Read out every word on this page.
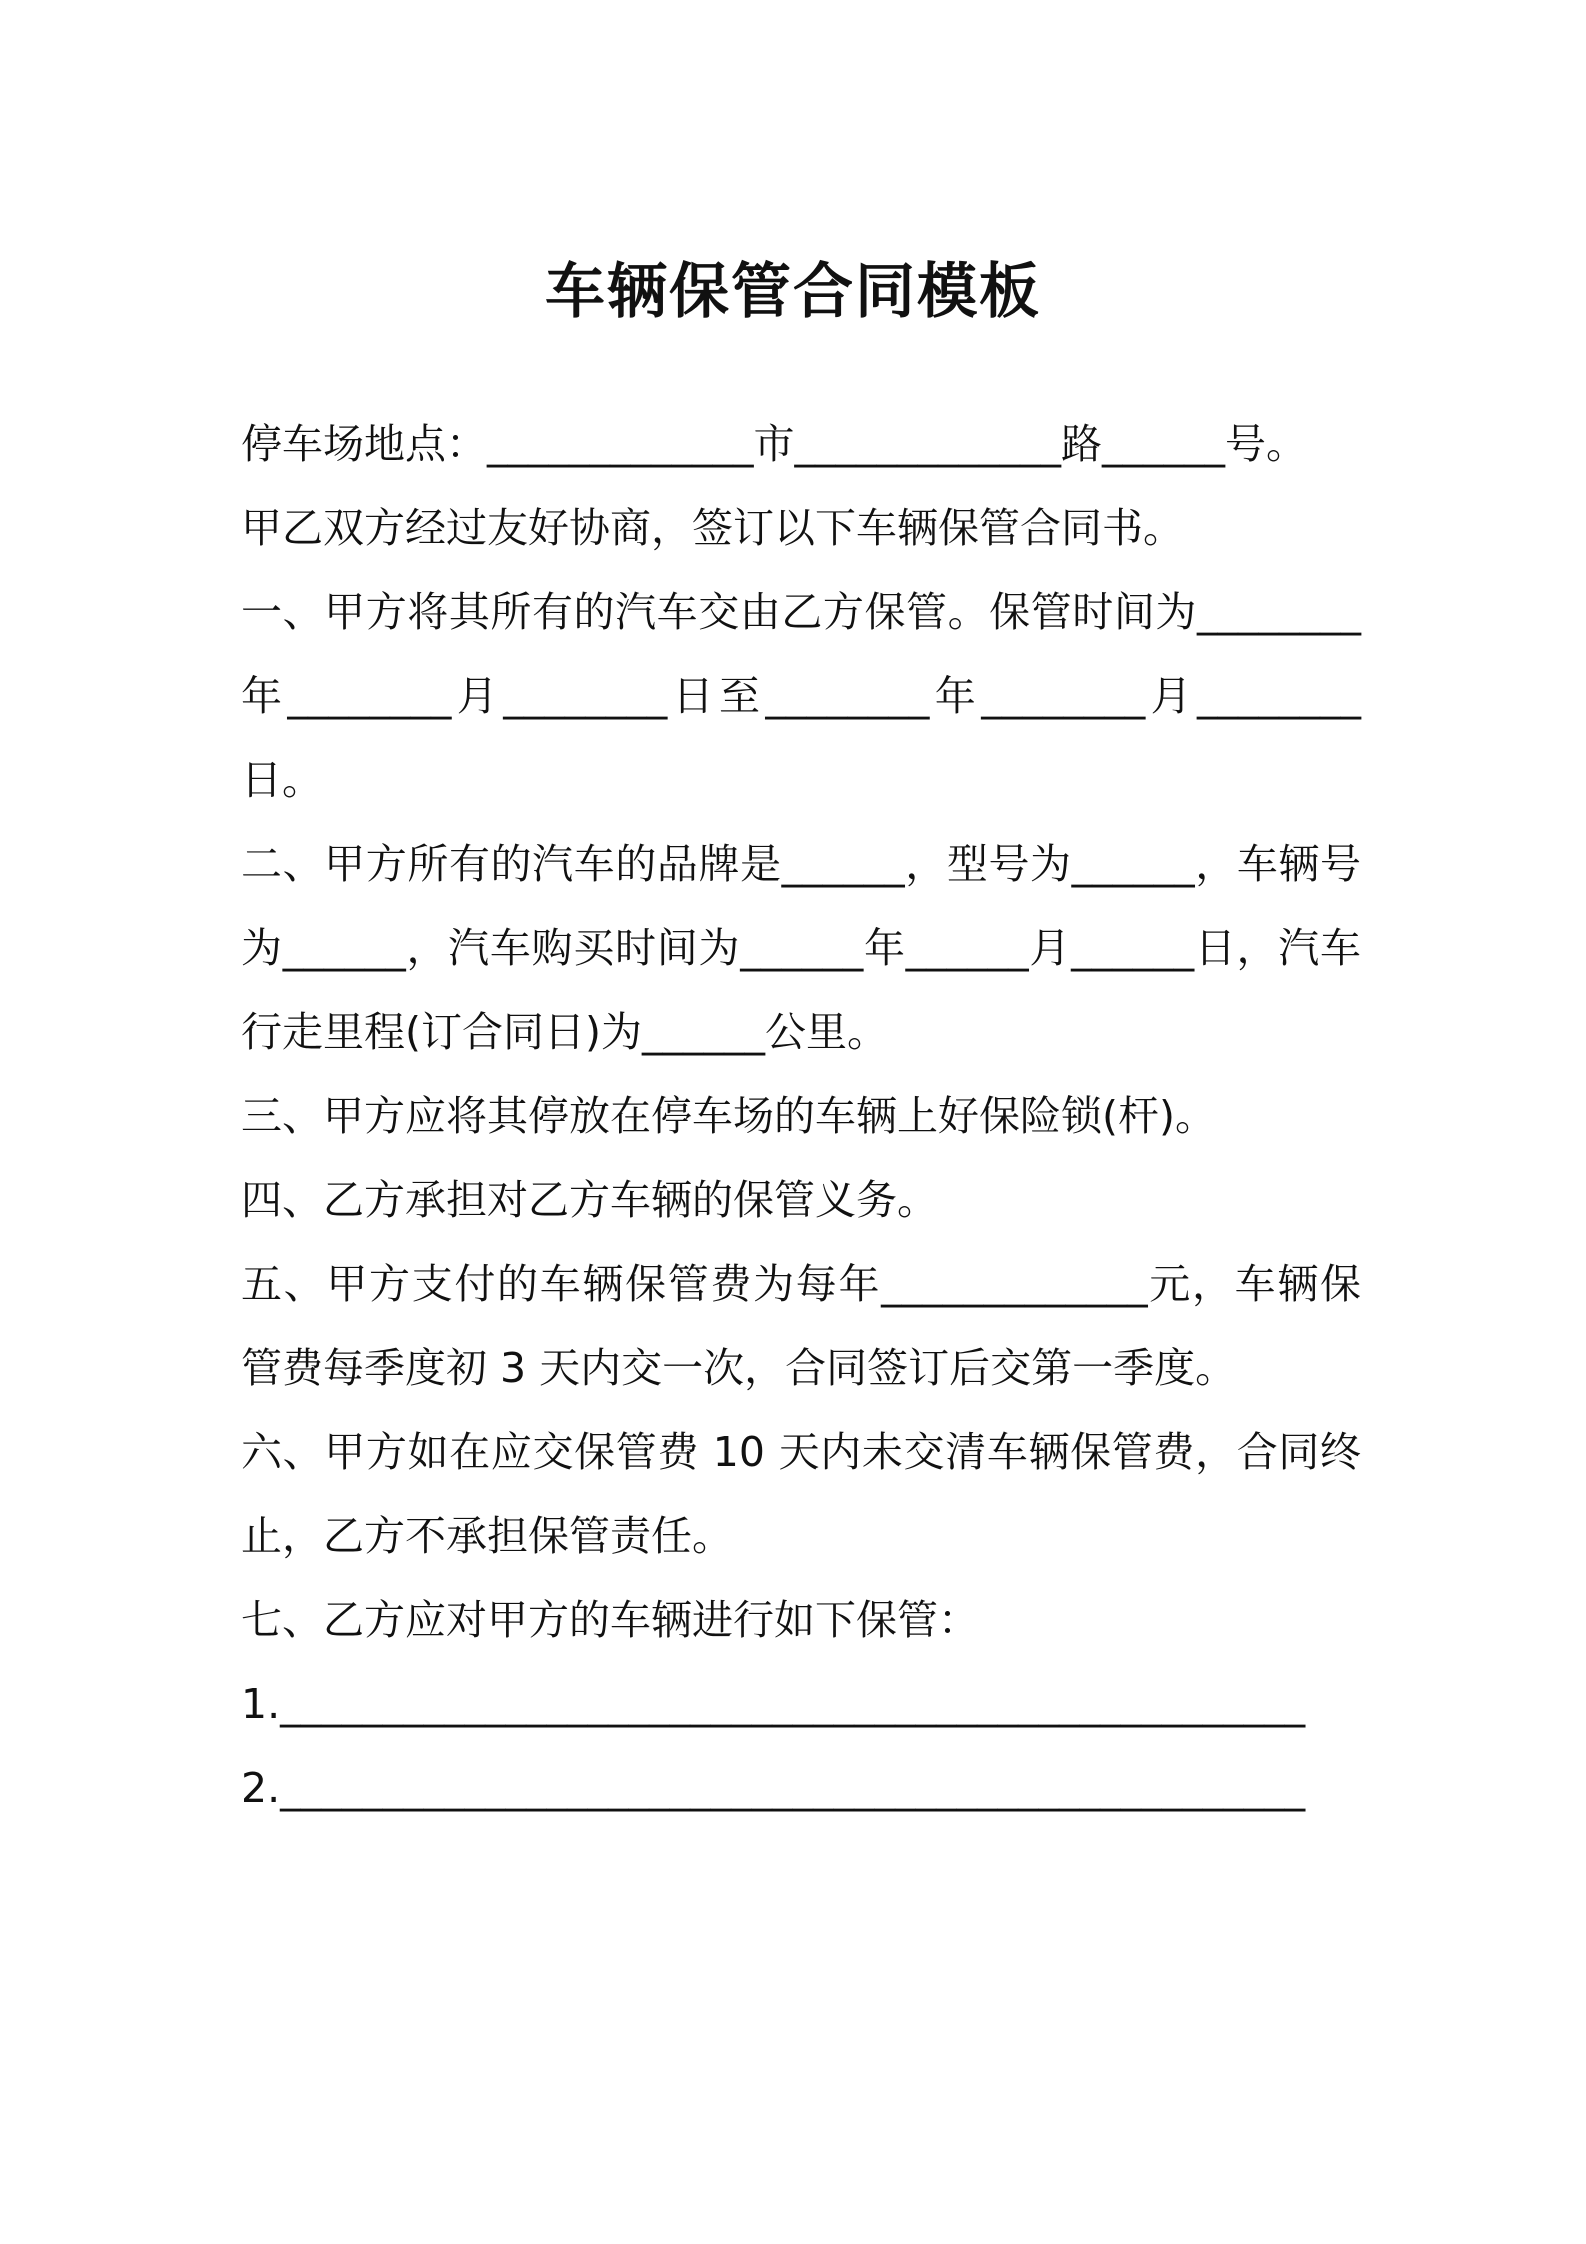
车辆保管合同模板

停车场地点：_____________市_____________路______号。

甲乙双方经过友好协商，签订以下车辆保管合同书。

一、甲方将其所有的汽车交由乙方保管。保管时间为________年________月________日至________年________月________日。

二、甲方所有的汽车的品牌是______，型号为______，车辆号为______，汽车购买时间为______年______月______日，汽车行走里程(订合同日)为______公里。

三、甲方应将其停放在停车场的车辆上好保险锁(杆)。

四、乙方承担对乙方车辆的保管义务。

五、甲方支付的车辆保管费为每年_____________元，车辆保管费每季度初 3 天内交一次，合同签订后交第一季度。

六、甲方如在应交保管费 10 天内未交清车辆保管费，合同终止，乙方不承担保管责任。

七、乙方应对甲方的车辆进行如下保管：

1.__________________________________________________

2.__________________________________________________
